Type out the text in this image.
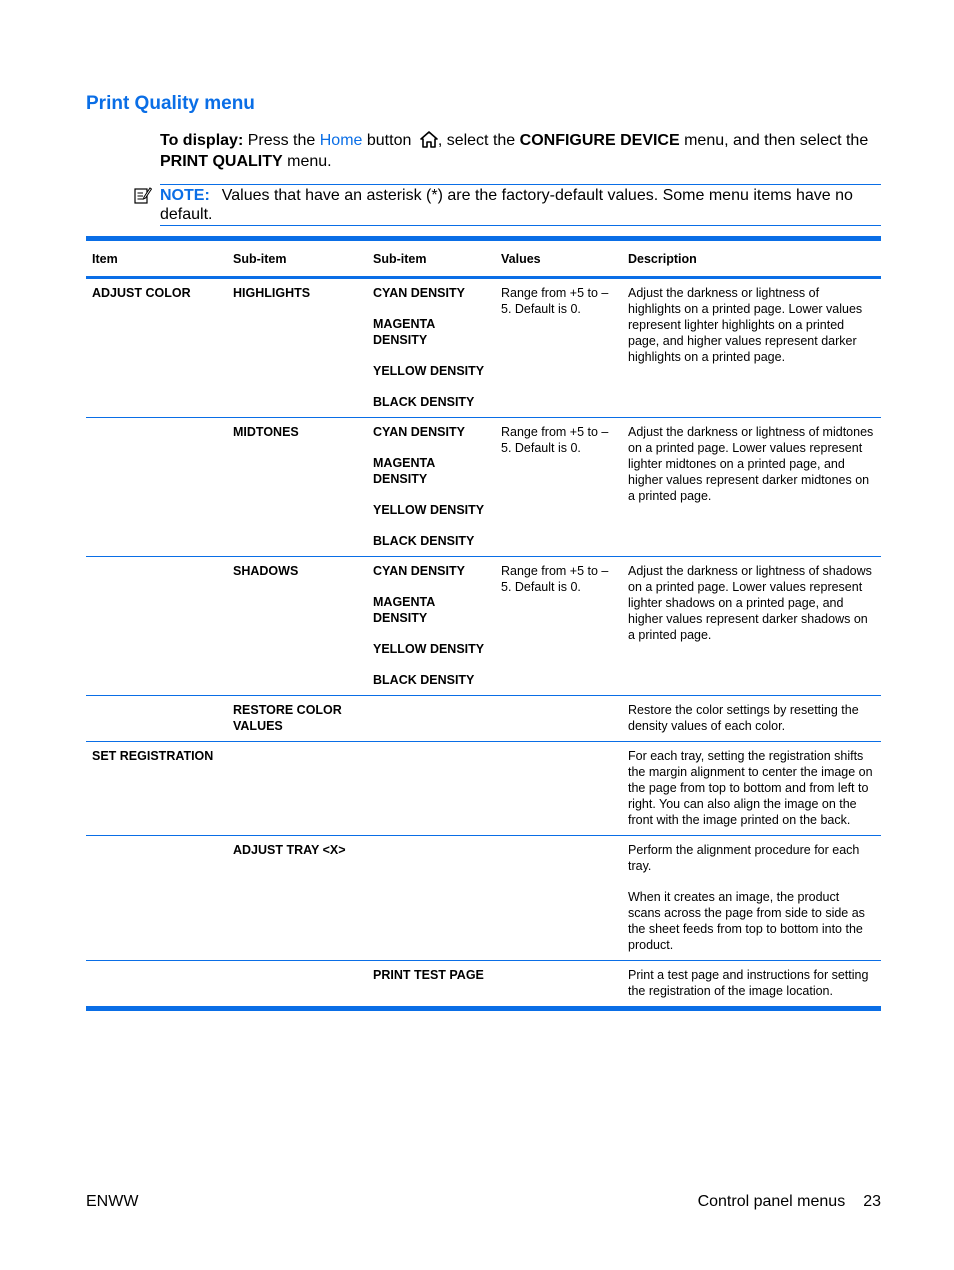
Print Quality menu
To display: Press the Home button , select the CONFIGURE DEVICE menu, and then select the PRINT QUALITY menu.
NOTE: Values that have an asterisk (*) are the factory-default values. Some menu items have no default.
Item	Sub-item	Sub-item	Values	Description
ADJUST COLOR	HIGHLIGHTS	CYAN DENSITY

MAGENTA DENSITY

YELLOW DENSITY

BLACK DENSITY	Range from +5 to –5. Default is 0.	Adjust the darkness or lightness of highlights on a printed page. Lower values represent lighter highlights on a printed page, and higher values represent darker highlights on a printed page.

	MIDTONES	CYAN DENSITY

MAGENTA DENSITY

YELLOW DENSITY

BLACK DENSITY	Range from +5 to –5. Default is 0.	Adjust the darkness or lightness of midtones on a printed page. Lower values represent lighter midtones on a printed page, and higher values represent darker midtones on a printed page.

	SHADOWS	CYAN DENSITY

MAGENTA DENSITY

YELLOW DENSITY

BLACK DENSITY	Range from +5 to –5. Default is 0.	Adjust the darkness or lightness of shadows on a printed page. Lower values represent lighter shadows on a printed page, and higher values represent darker shadows on a printed page.

	RESTORE COLOR VALUES			Restore the color settings by resetting the density values of each color.

SET REGISTRATION				For each tray, setting the registration shifts the margin alignment to center the image on the page from top to bottom and from left to right. You can also align the image on the front with the image printed on the back.

	ADJUST TRAY <X>			Perform the alignment procedure for each tray.

When it creates an image, the product scans across the page from side to side as the sheet feeds from top to bottom into the product.

		PRINT TEST PAGE		Print a test page and instructions for setting the registration of the image location.

ENWW	Control panel menus 23
